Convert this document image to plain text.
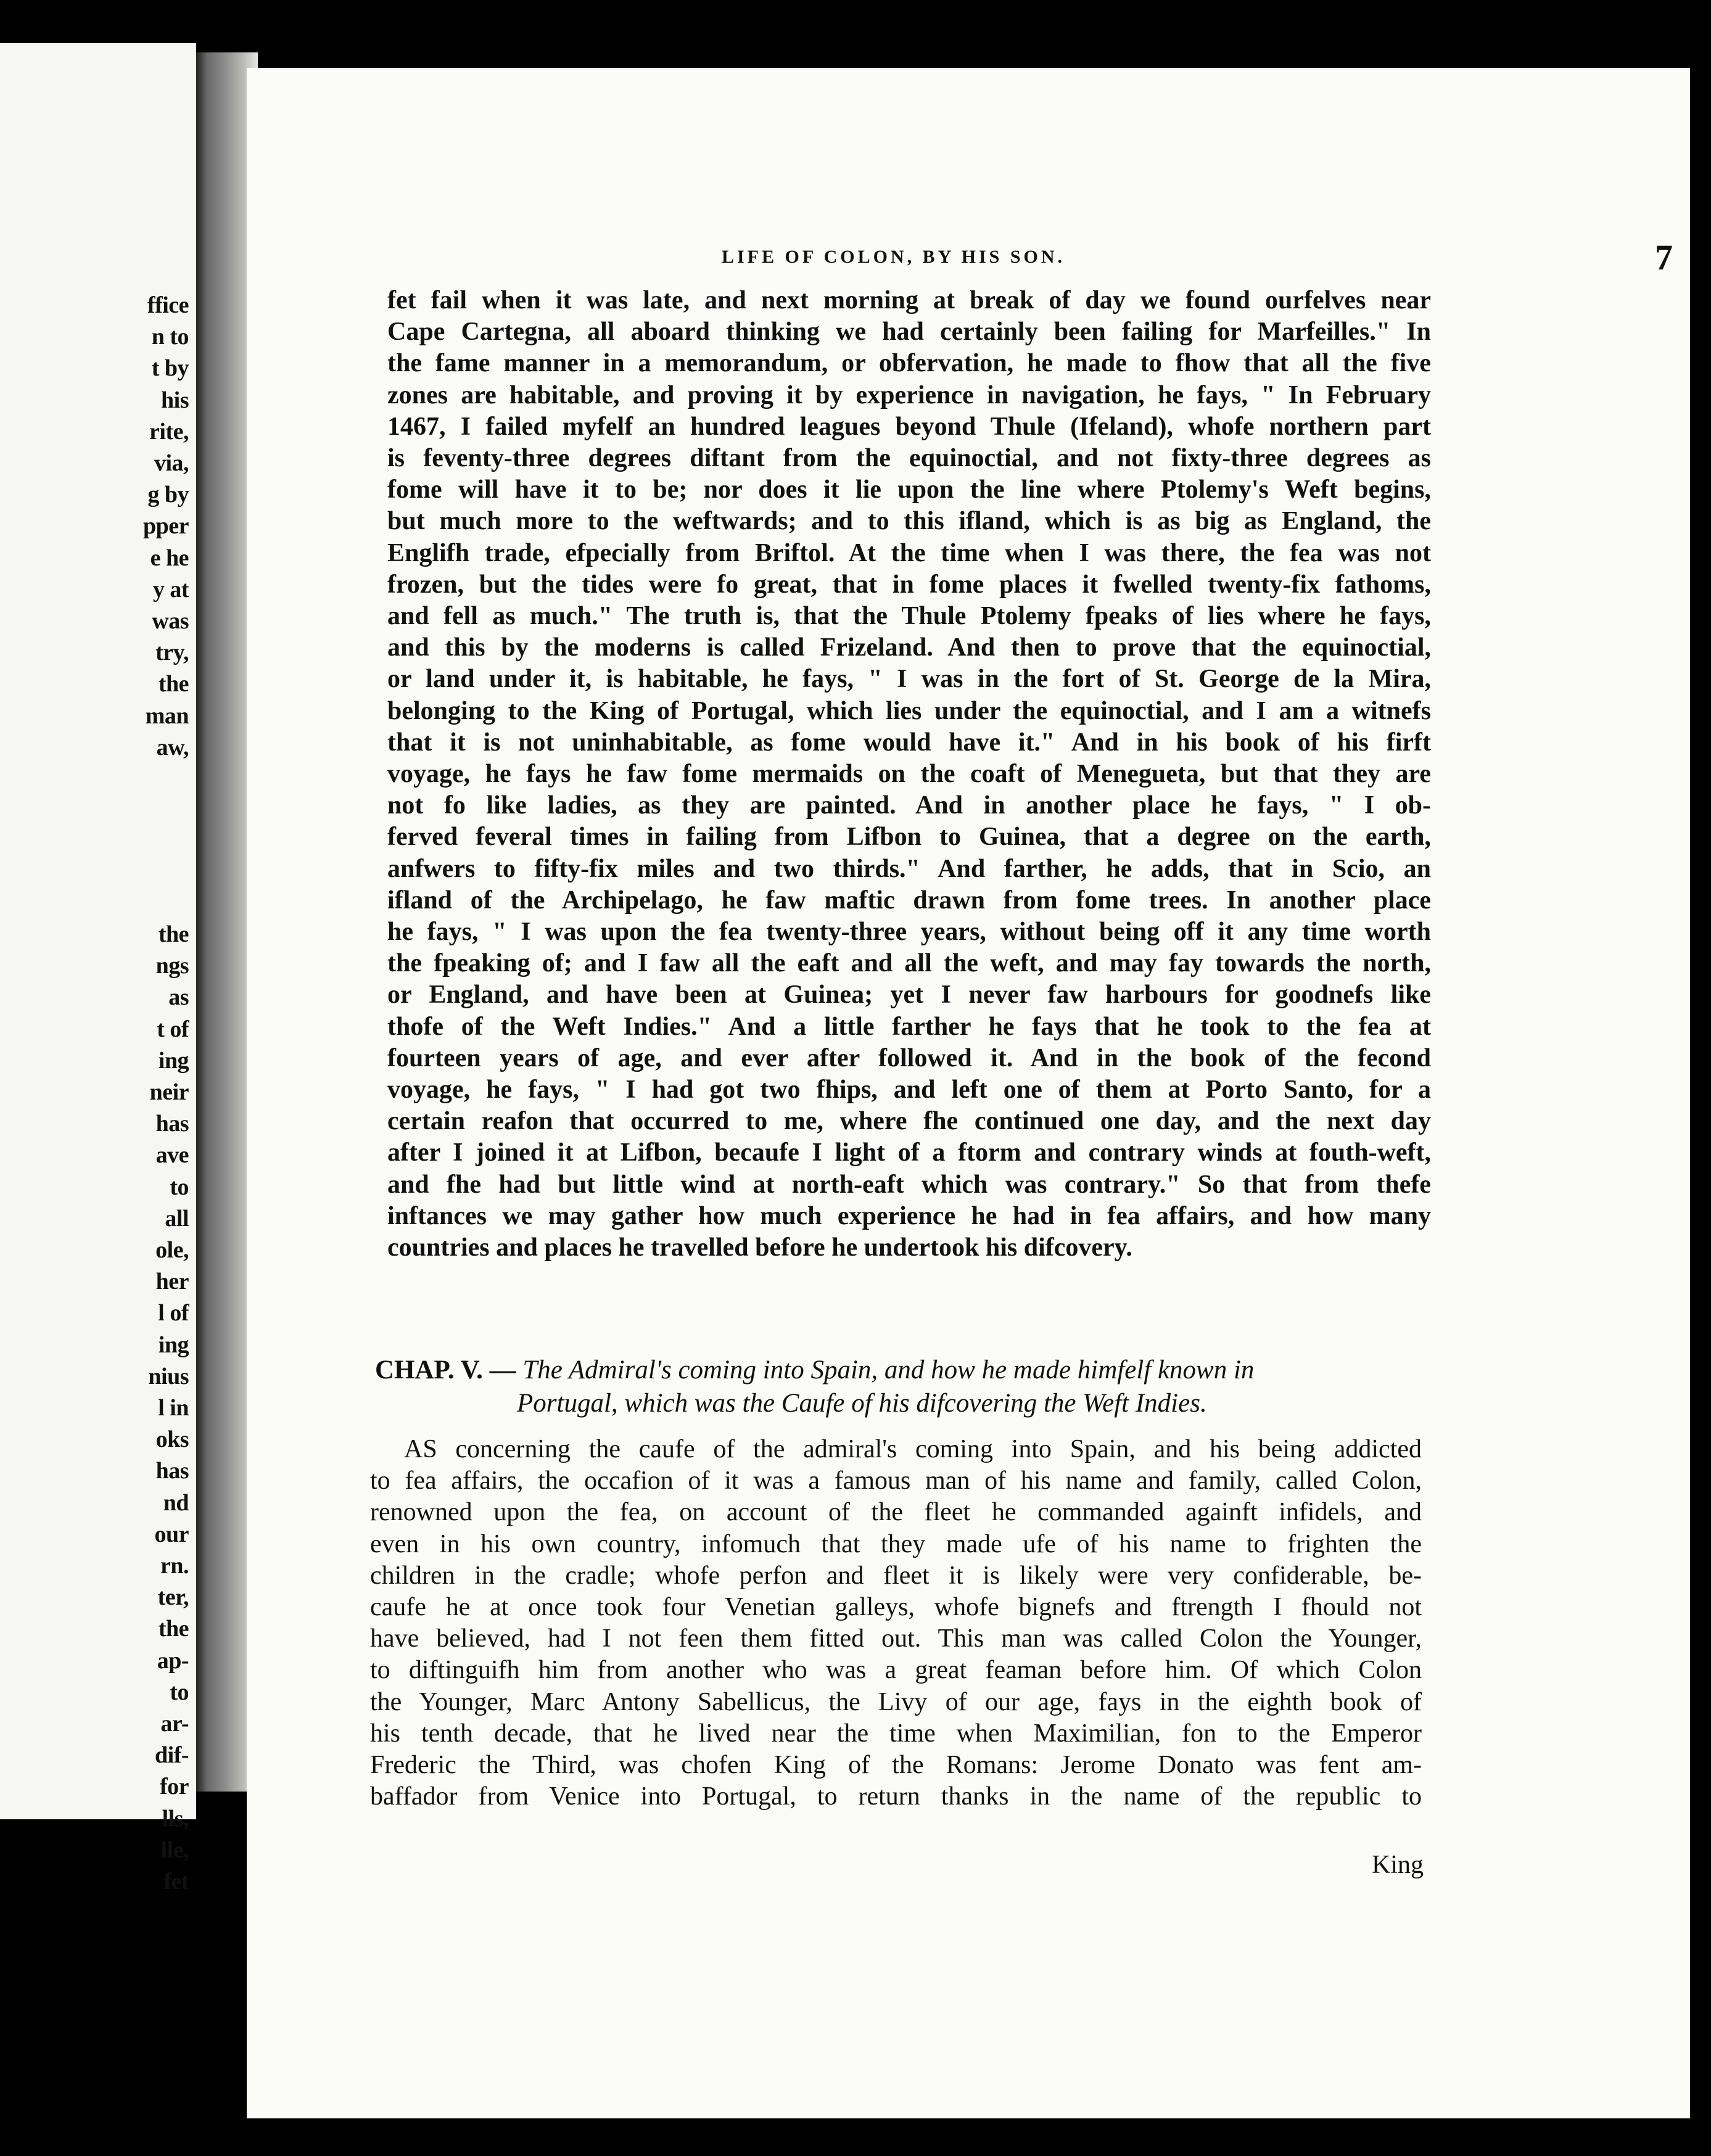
ffice
n to
t by
his
rite,
via,
g by
pper
e he
y at
was
try,
the
man
aw,
the
ngs
as
t of
ing
neir
has
ave
to
all
ole,
her
l of
ing
nius
l in
oks
has
nd
our
rn.
ter,
the
ap-
to
ar-
dif-
for
lls,
lle,
fet
LIFE OF COLON, BY HIS SON.	7
fet fail when it was late, and next morning at break of day we found ourfelves near
Cape Cartegna, all aboard thinking we had certainly been failing for Marfeilles." In
the fame manner in a memorandum, or obfervation, he made to fhow that all the five
zones are habitable, and proving it by experience in navigation, he fays, " In February
1467, I failed myfelf an hundred leagues beyond Thule (Ifeland), whofe northern part
is feventy-three degrees diftant from the equinoctial, and not fixty-three degrees as
fome will have it to be; nor does it lie upon the line where Ptolemy's Weft begins,
but much more to the weftwards; and to this ifland, which is as big as England, the
Englifh trade, efpecially from Briftol. At the time when I was there, the fea was not
frozen, but the tides were fo great, that in fome places it fwelled twenty-fix fathoms,
and fell as much." The truth is, that the Thule Ptolemy fpeaks of lies where he fays,
and this by the moderns is called Frizeland. And then to prove that the equinoctial,
or land under it, is habitable, he fays, " I was in the fort of St. George de la Mira,
belonging to the King of Portugal, which lies under the equinoctial, and I am a witnefs
that it is not uninhabitable, as fome would have it." And in his book of his firft
voyage, he fays he faw fome mermaids on the coaft of Meneguеta, but that they are
not fo like ladies, as they are painted. And in another place he fays, " I ob-
ferved feveral times in failing from Lifbon to Guinea, that a degree on the earth,
anfwers to fifty-fix miles and two thirds." And farther, he adds, that in Scio, an
ifland of the Archipelago, he faw maftic drawn from fome trees. In another place
he fays, " I was upon the fea twenty-three years, without being off it any time worth
the fpeaking of; and I faw all the eaft and all the weft, and may fay towards the north,
or England, and have been at Guinea; yet I never faw harbours for goodnefs like
thofe of the Weft Indies." And a little farther he fays that he took to the fea at
fourteen years of age, and ever after followed it. And in the book of the fecond
voyage, he fays, " I had got two fhips, and left one of them at Porto Santo, for a
certain reafon that occurred to me, where fhe continued one day, and the next day
after I joined it at Lifbon, becaufe I light of a ftorm and contrary winds at fouth-weft,
and fhe had but little wind at north-eaft which was contrary." So that from thefe
inftances we may gather how much experience he had in fea affairs, and how many
countries and places he travelled before he undertook his difcovery.
CHAP. V. — The Admiral's coming into Spain, and how he made himfelf known in
Portugal, which was the Caufe of his difcovering the Weft Indies.
AS concerning the caufe of the admiral's coming into Spain, and his being addicted
to fea affairs, the occafion of it was a famous man of his name and family, called Colon,
renowned upon the fea, on account of the fleet he commanded againft infidels, and
even in his own country, infomuch that they made ufe of his name to frighten the
children in the cradle; whofe perfon and fleet it is likely were very confiderable, be-
caufe he at once took four Venetian galleys, whofe bignefs and ftrength I fhould not
have believed, had I not feen them fitted out. This man was called Colon the Younger,
to diftinguifh him from another who was a great feaman before him. Of which Colon
the Younger, Marc Antony Sabellicus, the Livy of our age, fays in the eighth book of
his tenth decade, that he lived near the time when Maximilian, fon to the Emperor
Frederic the Third, was chofen King of the Romans: Jerome Donato was fent am-
baffador from Venice into Portugal, to return thanks in the name of the republic to
King
